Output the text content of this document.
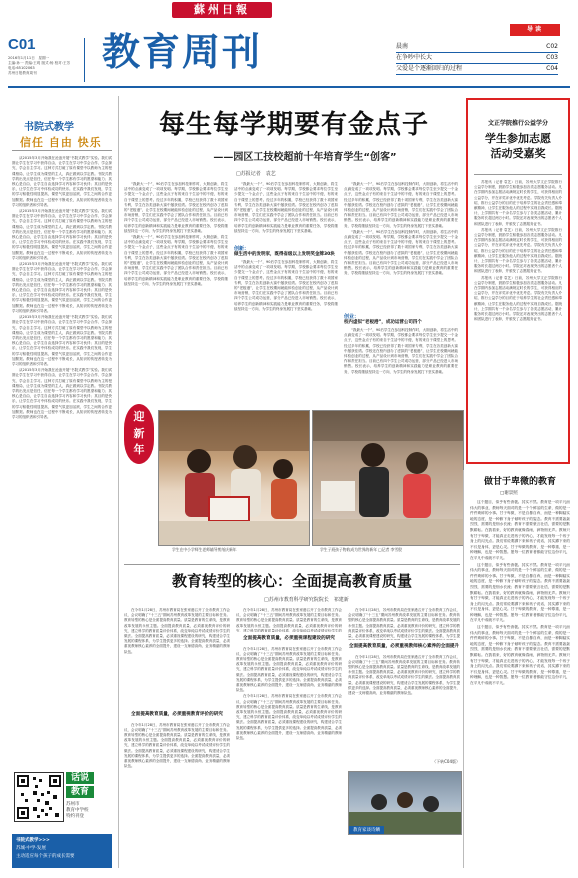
蘇州日報
C01
2016年1月11日　星期一
主编:孙一 责编:王玥 版式:杨 校对:王芳
电话:65102063
苏州日报教育周刊	教育周刊	导读
晨南	C02
在争吵中长大	C03
父爱是个逐渐回归的过程	C04
书院式教学
信任 自由 快乐

从2015年3月开始我在沧浪开展“书院式教学”实验。我们试图让学生在学习中获得自由，让学生在学习中学会合作、学会探究、学会自主学习。这种方式打破了原有课堂中以教师为主的授课格局，让学生成为课堂的主人，真正做到以学定教。书院式教学的出发点是信任，信任每一个学生都有学习的愿望和能力；其核心是自由，让学生自由选择学习内容和学习伙伴；其目的是快乐，让学生在学习中体验成功的快乐。在实践中我们发现，学生的学习积极性明显提高，课堂气氛更加活跃，学生之间的合作更加默契。教师也在这一过程中不断成长，从知识的传授者转变为学习的组织者和引导者。

从2015年3月开始我在沧浪开展“书院式教学”实验。我们试图让学生在学习中获得自由，让学生在学习中学会合作、学会探究、学会自主学习。这种方式打破了原有课堂中以教师为主的授课格局，让学生成为课堂的主人，真正做到以学定教。书院式教学的出发点是信任，信任每一个学生都有学习的愿望和能力；其核心是自由，让学生自由选择学习内容和学习伙伴；其目的是快乐，让学生在学习中体验成功的快乐。在实践中我们发现，学生的学习积极性明显提高，课堂气氛更加活跃，学生之间的合作更加默契。教师也在这一过程中不断成长，从知识的传授者转变为学习的组织者和引导者。

从2015年3月开始我在沧浪开展“书院式教学”实验。我们试图让学生在学习中获得自由，让学生在学习中学会合作、学会探究、学会自主学习。这种方式打破了原有课堂中以教师为主的授课格局，让学生成为课堂的主人，真正做到以学定教。书院式教学的出发点是信任，信任每一个学生都有学习的愿望和能力；其核心是自由，让学生自由选择学习内容和学习伙伴；其目的是快乐，让学生在学习中体验成功的快乐。在实践中我们发现，学生的学习积极性明显提高，课堂气氛更加活跃，学生之间的合作更加默契。教师也在这一过程中不断成长，从知识的传授者转变为学习的组织者和引导者。

从2015年3月开始我在沧浪开展“书院式教学”实验。我们试图让学生在学习中获得自由，让学生在学习中学会合作、学会探究、学会自主学习。这种方式打破了原有课堂中以教师为主的授课格局，让学生成为课堂的主人，真正做到以学定教。书院式教学的出发点是信任，信任每一个学生都有学习的愿望和能力；其核心是自由，让学生自由选择学习内容和学习伙伴；其目的是快乐，让学生在学习中体验成功的快乐。在实践中我们发现，学生的学习积极性明显提高，课堂气氛更加活跃，学生之间的合作更加默契。教师也在这一过程中不断成长，从知识的传授者转变为学习的组织者和引导者。

从2015年3月开始我在沧浪开展“书院式教学”实验。我们试图让学生在学习中获得自由，让学生在学习中学会合作、学会探究、学会自主学习。这种方式打破了原有课堂中以教师为主的授课格局，让学生成为课堂的主人，真正做到以学定教。书院式教学的出发点是信任，信任每一个学生都有学习的愿望和能力；其核心是自由，让学生自由选择学习内容和学习伙伴；其目的是快乐，让学生在学习中体验成功的快乐。在实践中我们发现，学生的学习积极性明显提高，课堂气氛更加活跃，学生之间的合作更加默契。教师也在这一过程中不断成长，从知识的传授者转变为学习的组织者和引导者。

话说
教育
苏州市
教育中学校
特约刊登
书院式教学>>>
苏城·中学·发展
主动适应每个孩子的成长需要
每生每学期要有金点子
——园区工技校超前十年培育学生“创客”
□苏报记者　袁艺

“我最大一个”，90后学生在参加科技制作时，大胆创新，将生活中的点滴变成了一项项发明。每学期，学校都会要求每位学生至少提交一个金点子，这些金点子有的来自于生活中的不便，有的来自于课堂上的思考。经过多年的积累，学校已经获得了数十项国家专利，学生在各类创新大赛中屡获佳绩。学校还在校内创办了虚拟的“老板港”，让学生在校期间就能体验创业的过程，从产品设计到市场营销，学生们在实践中学会了团队合作和责任担当。目前已有四个学生公司成功运营，部分产品已经进入市场销售。校长表示，培养学生的创新精神和实践能力是职业教育的重要任务，学校将继续坚持这一方向，为学生的终身发展打下坚实基础。

“我最大一个”，90后学生在参加科技制作时，大胆创新，将生活中的点滴变成了一项项发明。每学期，学校都会要求每位学生至少提交一个金点子，这些金点子有的来自于生活中的不便，有的来自于课堂上的思考。经过多年的积累，学校已经获得了数十项国家专利，学生在各类创新大赛中屡获佳绩。学校还在校内创办了虚拟的“老板港”，让学生在校期间就能体验创业的过程，从产品设计到市场营销，学生们在实践中学会了团队合作和责任担当。目前已有四个学生公司成功运营，部分产品已经进入市场销售。校长表示，培养学生的创新精神和实践能力是职业教育的重要任务，学校将继续坚持这一方向，为学生的终身发展打下坚实基础。

“我最大一个”，90后学生在参加科技制作时，大胆创新，将生活中的点滴变成了一项项发明。每学期，学校都会要求每位学生至少提交一个金点子，这些金点子有的来自于生活中的不便，有的来自于课堂上的思考。经过多年的积累，学校已经获得了数十项国家专利，学生在各类创新大赛中屡获佳绩。学校还在校内创办了虚拟的“老板港”，让学生在校期间就能体验创业的过程，从产品设计到市场营销，学生们在实践中学会了团队合作和责任担当。目前已有四个学生公司成功运营，部分产品已经进入市场销售。校长表示，培养学生的创新精神和实践能力是职业教育的重要任务，学校将继续坚持这一方向，为学生的终身发展打下坚实基础。

创新：
做生活中的发明家，既得省级以上发明奖金牌30块

“我最大一个”，90后学生在参加科技制作时，大胆创新，将生活中的点滴变成了一项项发明。每学期，学校都会要求每位学生至少提交一个金点子，这些金点子有的来自于生活中的不便，有的来自于课堂上的思考。经过多年的积累，学校已经获得了数十项国家专利，学生在各类创新大赛中屡获佳绩。学校还在校内创办了虚拟的“老板港”，让学生在校期间就能体验创业的过程，从产品设计到市场营销，学生们在实践中学会了团队合作和责任担当。目前已有四个学生公司成功运营，部分产品已经进入市场销售。校长表示，培养学生的创新精神和实践能力是职业教育的重要任务，学校将继续坚持这一方向，为学生的终身发展打下坚实基础。

“我最大一个”，90后学生在参加科技制作时，大胆创新，将生活中的点滴变成了一项项发明。每学期，学校都会要求每位学生至少提交一个金点子，这些金点子有的来自于生活中的不便，有的来自于课堂上的思考。经过多年的积累，学校已经获得了数十项国家专利，学生在各类创新大赛中屡获佳绩。学校还在校内创办了虚拟的“老板港”，让学生在校期间就能体验创业的过程，从产品设计到市场营销，学生们在实践中学会了团队合作和责任担当。目前已有四个学生公司成功运营，部分产品已经进入市场销售。校长表示，培养学生的创新精神和实践能力是职业教育的重要任务，学校将继续坚持这一方向，为学生的终身发展打下坚实基础。

“我最大一个”，90后学生在参加科技制作时，大胆创新，将生活中的点滴变成了一项项发明。每学期，学校都会要求每位学生至少提交一个金点子，这些金点子有的来自于生活中的不便，有的来自于课堂上的思考。经过多年的积累，学校已经获得了数十项国家专利，学生在各类创新大赛中屡获佳绩。学校还在校内创办了虚拟的“老板港”，让学生在校期间就能体验创业的过程，从产品设计到市场营销，学生们在实践中学会了团队合作和责任担当。目前已有四个学生公司成功运营，部分产品已经进入市场销售。校长表示，培养学生的创新精神和实践能力是职业教育的重要任务，学校将继续坚持这一方向，为学生的终身发展打下坚实基础。

创业：
校内虚拟“老板港”，成功运营公司四个

“我最大一个”，90后学生在参加科技制作时，大胆创新，将生活中的点滴变成了一项项发明。每学期，学校都会要求每位学生至少提交一个金点子，这些金点子有的来自于生活中的不便，有的来自于课堂上的思考。经过多年的积累，学校已经获得了数十项国家专利，学生在各类创新大赛中屡获佳绩。学校还在校内创办了虚拟的“老板港”，让学生在校期间就能体验创业的过程，从产品设计到市场营销，学生们在实践中学会了团队合作和责任担当。目前已有四个学生公司成功运营，部分产品已经进入市场销售。校长表示，培养学生的创新精神和实践能力是职业教育的重要任务，学校将继续坚持这一方向，为学生的终身发展打下坚实基础。

文正学院推行公益学分
学生参加志愿
活动受嘉奖

苏报讯（记者 袁艺）日前，苏州大学文正学院推行公益学分制度，鼓励学生积极参加各类志愿服务活动。凡在学期内参加志愿活动满规定时长的学生，可获得相应的公益学分，并在评奖评优中优先考虑。学院有关负责人介绍，推行公益学分的目的在于培养学生的社会责任感和奉献精神，让学生在服务他人的过程中实现自我成长。据统计，上学期共有一千余名学生参与了各类志愿活动，累计服务时长超过两万小时。学院还对表现突出的志愿者个人和团队进行了表彰，并颁发了志愿服务证书。

苏报讯（记者 袁艺）日前，苏州大学文正学院推行公益学分制度，鼓励学生积极参加各类志愿服务活动。凡在学期内参加志愿活动满规定时长的学生，可获得相应的公益学分，并在评奖评优中优先考虑。学院有关负责人介绍，推行公益学分的目的在于培养学生的社会责任感和奉献精神，让学生在服务他人的过程中实现自我成长。据统计，上学期共有一千余名学生参与了各类志愿活动，累计服务时长超过两万小时。学院还对表现突出的志愿者个人和团队进行了表彰，并颁发了志愿服务证书。

苏报讯（记者 袁艺）日前，苏州大学文正学院推行公益学分制度，鼓励学生积极参加各类志愿服务活动。凡在学期内参加志愿活动满规定时长的学生，可获得相应的公益学分，并在评奖评优中优先考虑。学院有关负责人介绍，推行公益学分的目的在于培养学生的社会责任感和奉献精神，让学生在服务他人的过程中实现自我成长。据统计，上学期共有一千余名学生参与了各类志愿活动，累计服务时长超过两万小时。学院还对表现突出的志愿者个人和团队进行了表彰，并颁发了志愿服务证书。

迎
新
年
学生在中小学师生老师辅导剪纸庆新年	学生子班孩子物收成为世界的新年 □记者 李雪殷
教育转型的核心：全面提高教育质量
□苏州市教育科学研究院院长　祁建新

在今年1月28日，苏州市教育局在张家港召开了全市教育工作会议，会议明确了“十三五”期间苏州教育改革发展的主要目标和任务。教育转型的核心是全面提高教育质量。质量是教育的生命线，是教育改革发展的永恒主题。全面提高教育质量，必须重视教育评价的研究，建立科学的教育质量评价体系，改变单纯以考试成绩评价学生的做法。全面提高教育质量，必须重视课程建设的研究，构建适合学生发展的课程体系，为学生提供更多的选择。全面提高教育质量，必须重视教师核心素养的全面提升，建设一支师德高尚、业务精湛的教师队伍。

全面提高教育质量，必须重视教育评价的研究

在今年1月28日，苏州市教育局在张家港召开了全市教育工作会议，会议明确了“十三五”期间苏州教育改革发展的主要目标和任务。教育转型的核心是全面提高教育质量。质量是教育的生命线，是教育改革发展的永恒主题。全面提高教育质量，必须重视教育评价的研究，建立科学的教育质量评价体系，改变单纯以考试成绩评价学生的做法。全面提高教育质量，必须重视课程建设的研究，构建适合学生发展的课程体系，为学生提供更多的选择。全面提高教育质量，必须重视教师核心素养的全面提升，建设一支师德高尚、业务精湛的教师队伍。

在今年1月28日，苏州市教育局在张家港召开了全市教育工作会议，会议明确了“十三五”期间苏州教育改革发展的主要目标和任务。教育转型的核心是全面提高教育质量。质量是教育的生命线，是教育改革发展的永恒主题。全面提高教育质量，必须重视教育评价的研究，建立科学的教育质量评价体系，改变单纯以考试成绩评价学生的

全面提高教育质量，必须重视课程建设的研究

在今年1月28日，苏州市教育局在张家港召开了全市教育工作会议，会议明确了“十三五”期间苏州教育改革发展的主要目标和任务。教育转型的核心是全面提高教育质量。质量是教育的生命线，是教育改革发展的永恒主题。全面提高教育质量，必须重视教育评价的研究，建立科学的教育质量评价体系，改变单纯以考试成绩评价学生的做法。全面提高教育质量，必须重视课程建设的研究，构建适合学生发展的课程体系，为学生提供更多的选择。全面提高教育质量，必须重视教师核心素养的全面提升，建设一支师德高尚、业务精湛的教师队伍。

在今年1月28日，苏州市教育局在张家港召开了全市教育工作会议，会议明确了“十三五”期间苏州教育改革发展的主要目标和任务。教育转型的核心是全面提高教育质量。质量是教育的生命线，是教育改革发展的永恒主题。全面提高教育质量，必须重视教育评价的研究，建立科学的教育质量评价体系，改变单纯以考试成绩评价学生的做法。全面提高教育质量，必须重视课程建设的研究，构建适合学生发展的课程体系，为学生提供更多的选择。全面提高教育质量，必须重视教师核心素养的全面提升，建设一支师德高尚、业务精湛的教师队伍。

在今年1月28日，苏州市教育局在张家港召开了全市教育工作会议，会议明确了“十三五”期间苏州教育改革发展的主要目标和任务。教育转型的核心是全面提高教育质量。质量是教育的生命线，是教育改革发展的永恒主题。全面提高教育质量，必须重视教育评价的研究，建立科学的教育质量评价体系，改变单纯以考试成绩评价学生的做法。全面提高教育质量，必须重视课程建设的研究，构建适合学生发展的课程体系，为学生提

全面提高教育质量，必须重视教师核心素养的全面提升

在今年1月28日，苏州市教育局在张家港召开了全市教育工作会议，会议明确了“十三五”期间苏州教育改革发展的主要目标和任务。教育转型的核心是全面提高教育质量。质量是教育的生命线，是教育改革发展的永恒主题。全面提高教育质量，必须重视教育评价的研究，建立科学的教育质量评价体系，改变单纯以考试成绩评价学生的做法。全面提高教育质量，必须重视课程建设的研究，构建适合学生发展的课程体系，为学生提供更多的选择。全面提高教育质量，必须重视教师核心素养的全面提升，建设一支师德高尚、业务精湛的教师队伍。

（下转C04版）
教育家谈诗鳞
做甘于卑微的教育
□谢景照

这个题目，似乎有些消极。其实不然。教育是一项平凡而伟大的事业，教师每天面对的是一个个鲜活的生命，做的是一件件琐碎的小事。甘于卑微，不是自暴自弃，而是一种脚踏实地的态度，是一种俯下身子倾听孩子的姿态。教育不需要轰轰烈烈，需要的是细水长流；教育不需要豪言壮语，需要的是默默耕耘。在我看来，好的教育就像春雨，润物细无声。教师只有甘于卑微，才能真正走进孩子的内心，才能发现每一个孩子身上的闪光点。我们常说要蹲下来和孩子说话，其实蹲下来的不仅是身体，更是心灵。甘于卑微的教育，是一种尊重，是一种理解，也是一种智慧。愿每一位教育者都能守住这份平凡，在平凡中成就不平凡。

这个题目，似乎有些消极。其实不然。教育是一项平凡而伟大的事业，教师每天面对的是一个个鲜活的生命，做的是一件件琐碎的小事。甘于卑微，不是自暴自弃，而是一种脚踏实地的态度，是一种俯下身子倾听孩子的姿态。教育不需要轰轰烈烈，需要的是细水长流；教育不需要豪言壮语，需要的是默默耕耘。在我看来，好的教育就像春雨，润物细无声。教师只有甘于卑微，才能真正走进孩子的内心，才能发现每一个孩子身上的闪光点。我们常说要蹲下来和孩子说话，其实蹲下来的不仅是身体，更是心灵。甘于卑微的教育，是一种尊重，是一种理解，也是一种智慧。愿每一位教育者都能守住这份平凡，在平凡中成就不平凡。

这个题目，似乎有些消极。其实不然。教育是一项平凡而伟大的事业，教师每天面对的是一个个鲜活的生命，做的是一件件琐碎的小事。甘于卑微，不是自暴自弃，而是一种脚踏实地的态度，是一种俯下身子倾听孩子的姿态。教育不需要轰轰烈烈，需要的是细水长流；教育不需要豪言壮语，需要的是默默耕耘。在我看来，好的教育就像春雨，润物细无声。教师只有甘于卑微，才能真正走进孩子的内心，才能发现每一个孩子身上的闪光点。我们常说要蹲下来和孩子说话，其实蹲下来的不仅是身体，更是心灵。甘于卑微的教育，是一种尊重，是一种理解，也是一种智慧。愿每一位教育者都能守住这份平凡，在平凡中成就不平凡。
